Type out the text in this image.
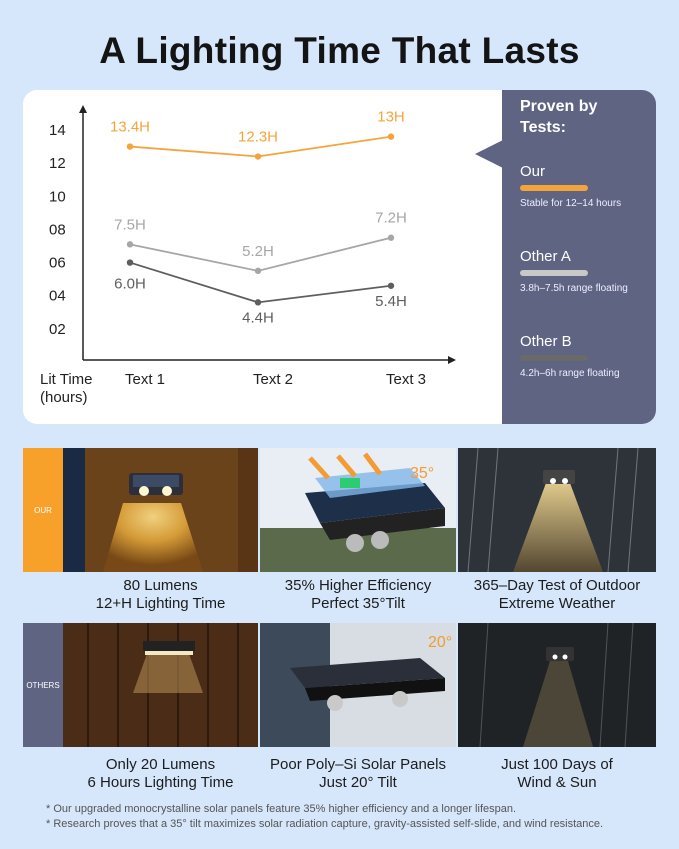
A Lighting Time That Lasts
02
04
06
08
10
12
14
Lit Time
(hours)
Text 1	Text 2	Text 3
13.4H
12.3H
13H
7.5H
5.2H
7.2H
6.0H
4.4H
5.4H
Proven by Tests:
Our
Stable for 12–14 hours
Other A
3.8h–7.5h range floating
Other B
4.2h–6h range floating
OUR
35°
80 Lumens
12+H Lighting Time
35% Higher Efficiency
Perfect 35°Tilt
365–Day Test of Outdoor
Extreme Weather
OTHERS
20°
Only 20 Lumens
6 Hours Lighting Time
Poor Poly–Si Solar Panels
Just 20° Tilt
Just 100 Days of
Wind & Sun
* Our upgraded monocrystalline solar panels feature 35% higher efficiency and a longer lifespan.
* Research proves that a 35° tilt maximizes solar radiation capture, gravity-assisted self-slide, and wind resistance.
